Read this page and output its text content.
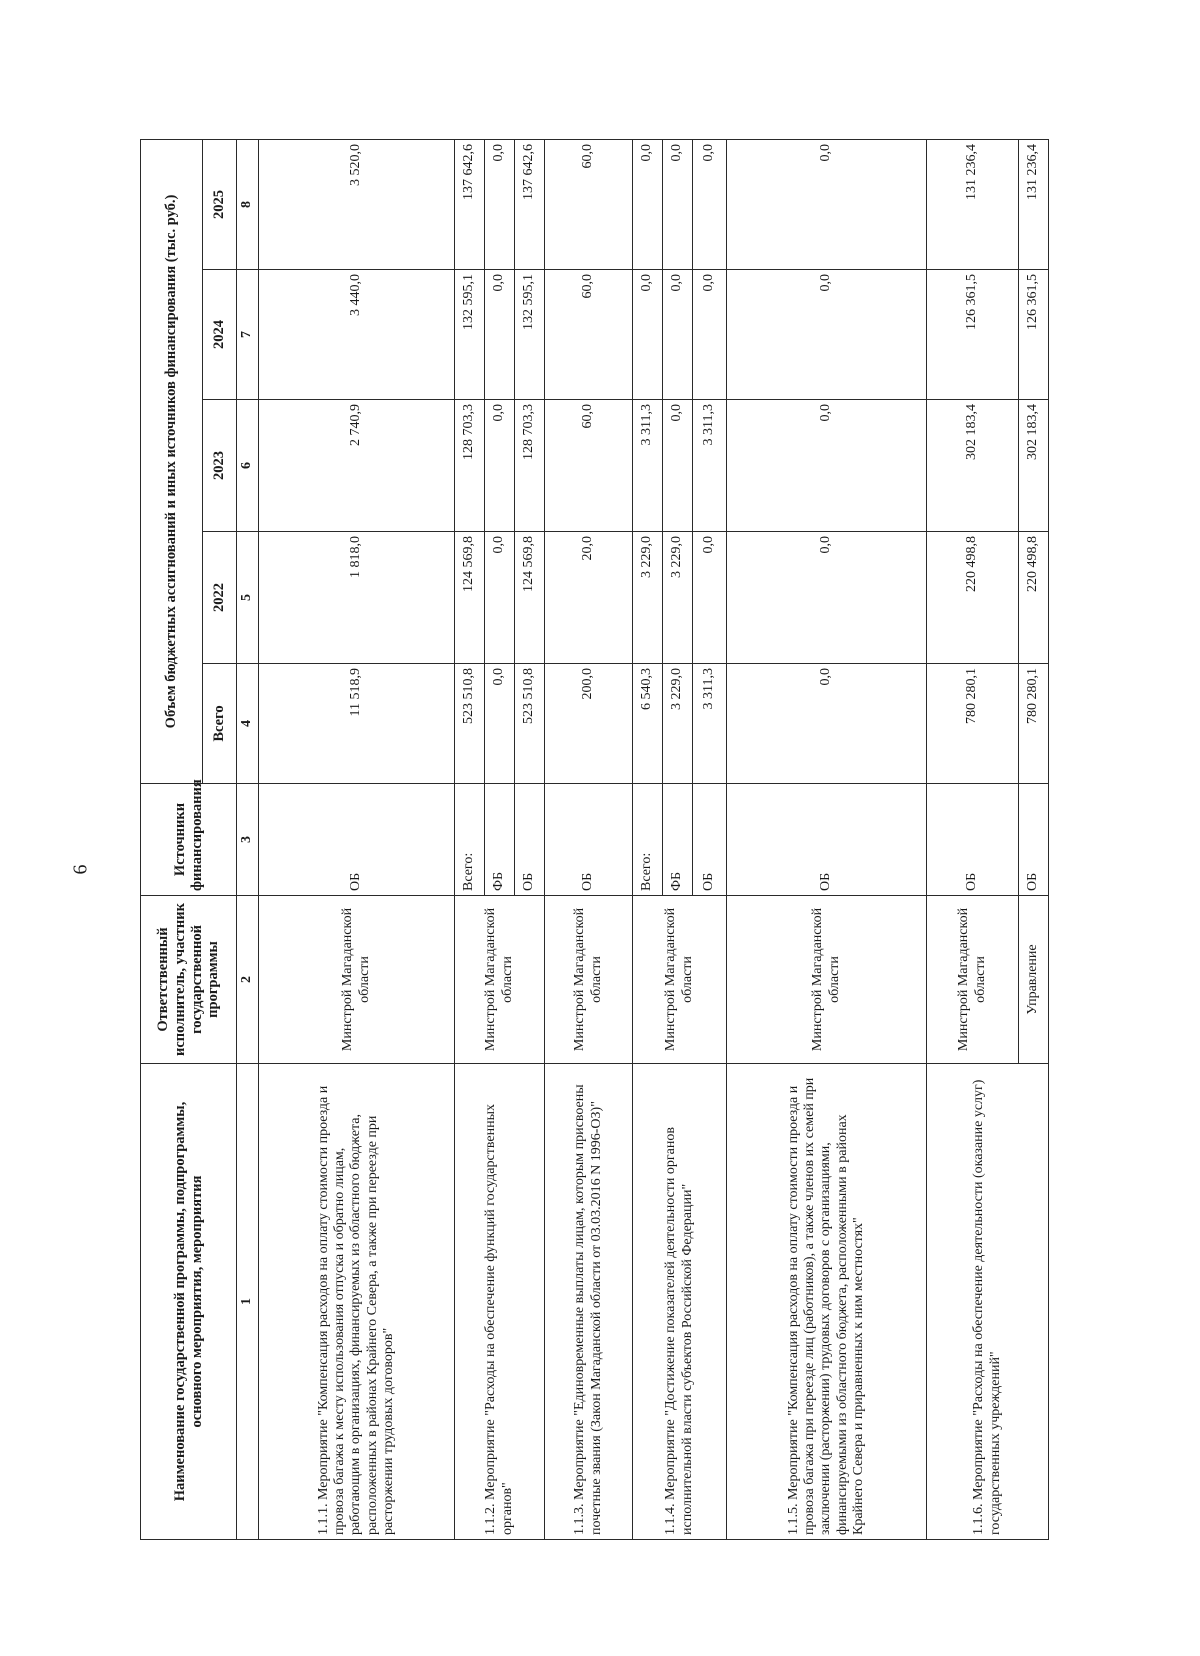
6
Наименование государственной программы, подпрограммы, основного мероприятия, мероприятия	Ответственный исполнитель, участник государственной программы	Источники финансирования	Объем бюджетных ассигнований и иных источников финансирования (тыс. руб.)				
			Всего	2022	2023	2024	2025
1	2	3	4	5	6	7	8
1.1.1. Мероприятие "Компенсация расходов на оплату стоимости проезда и провоза багажа к месту использования отпуска и обратно лицам, работающим в организациях, финансируемых из областного бюджета, расположенных в районах Крайнего Севера, а также при переезде при расторжении трудовых договоров"	Минстрой Магаданской области	ОБ	11 518,9	1 818,0	2 740,9	3 440,0	3 520,0
1.1.2. Мероприятие "Расходы на обеспечение функций государственных органов"	Минстрой Магаданской области	Всего:	523 510,8	124 569,8	128 703,3	132 595,1	137 642,6
		ФБ	0,0	0,0	0,0	0,0	0,0
		ОБ	523 510,8	124 569,8	128 703,3	132 595,1	137 642,6
1.1.3. Мероприятие "Единовременные выплаты лицам, которым присвоены почетные звания (Закон Магаданской области от 03.03.2016 N 1996-ОЗ)"	Минстрой Магаданской области	ОБ	200,0	20,0	60,0	60,0	60,0
1.1.4. Мероприятие "Достижение показателей деятельности органов исполнительной власти субъектов Российской Федерации"	Минстрой Магаданской области	Всего:	6 540,3	3 229,0	3 311,3	0,0	0,0
		ФБ	3 229,0	3 229,0	0,0	0,0	0,0
		ОБ	3 311,3	0,0	3 311,3	0,0	0,0
1.1.5. Мероприятие "Компенсация расходов на оплату стоимости проезда и провоза багажа при переезде лиц (работников), а также членов их семей при заключении (расторжении) трудовых договоров с организациями, финансируемыми из областного бюджета, расположенными в районах Крайнего Севера и приравненных к ним местностях"	Минстрой Магаданской области	ОБ	0,0	0,0	0,0	0,0	0,0
1.1.6. Мероприятие "Расходы на обеспечение деятельности (оказание услуг) государственных учреждений"	Минстрой Магаданской области	ОБ	780 280,1	220 498,8	302 183,4	126 361,5	131 236,4
	Управление	ОБ	780 280,1	220 498,8	302 183,4	126 361,5	131 236,4
